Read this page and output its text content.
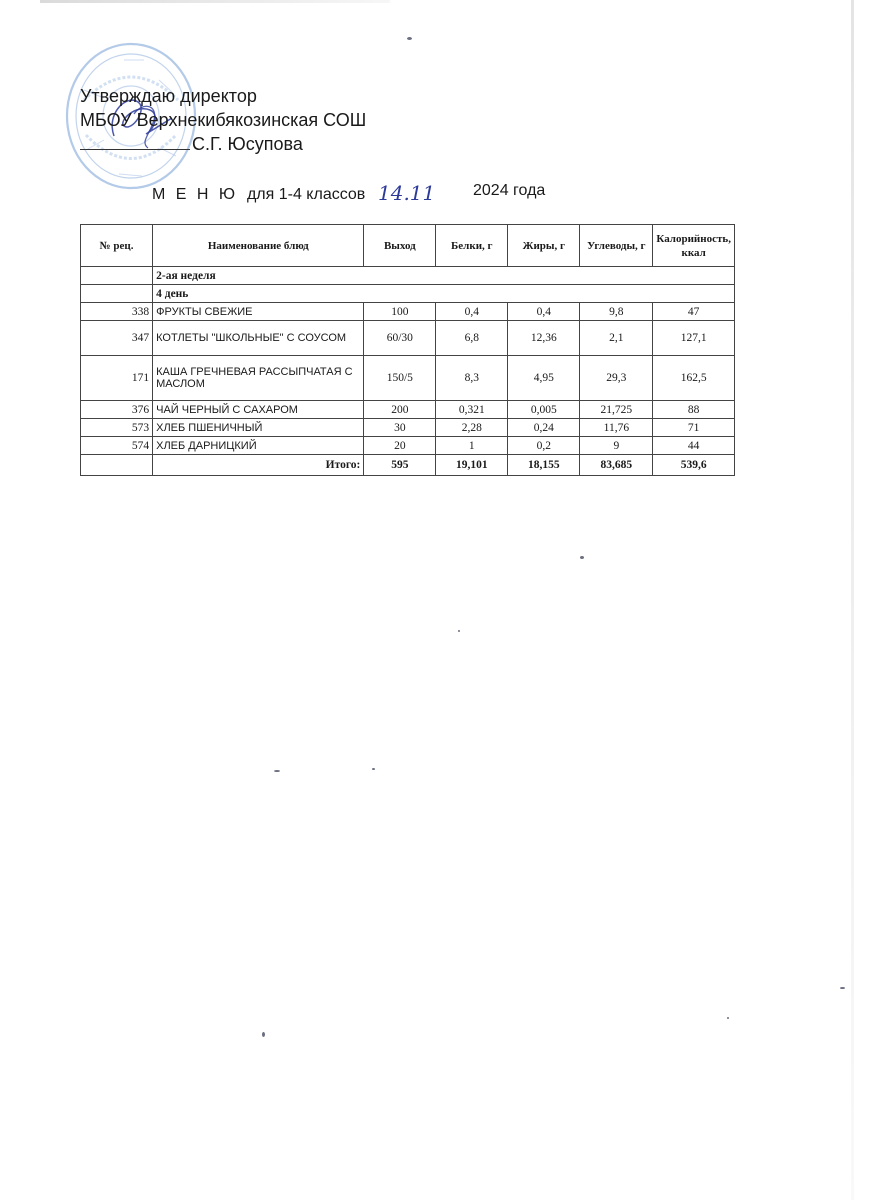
Утверждаю директор
МБОУ Верхнекибякозинская СОШ
С.Г. Юсупова
М Е Н Ю для 1-4 классов 14.11 2024 года
№ рец.	Наименование блюд	Выход	Белки, г	Жиры, г	Углеводы, г	Калорийность, ккал
	2-ая неделя					
	4 день					
338	ФРУКТЫ СВЕЖИЕ	100	0,4	0,4	9,8	47
347	КОТЛЕТЫ "ШКОЛЬНЫЕ" С СОУСОМ	60/30	6,8	12,36	2,1	127,1
171	КАША ГРЕЧНЕВАЯ РАССЫПЧАТАЯ С МАСЛОМ	150/5	8,3	4,95	29,3	162,5
376	ЧАЙ ЧЕРНЫЙ С САХАРОМ	200	0,321	0,005	21,725	88
573	ХЛЕБ ПШЕНИЧНЫЙ	30	2,28	0,24	11,76	71
574	ХЛЕБ ДАРНИЦКИЙ	20	1	0,2	9	44
	Итого:	595	19,101	18,155	83,685	539,6
